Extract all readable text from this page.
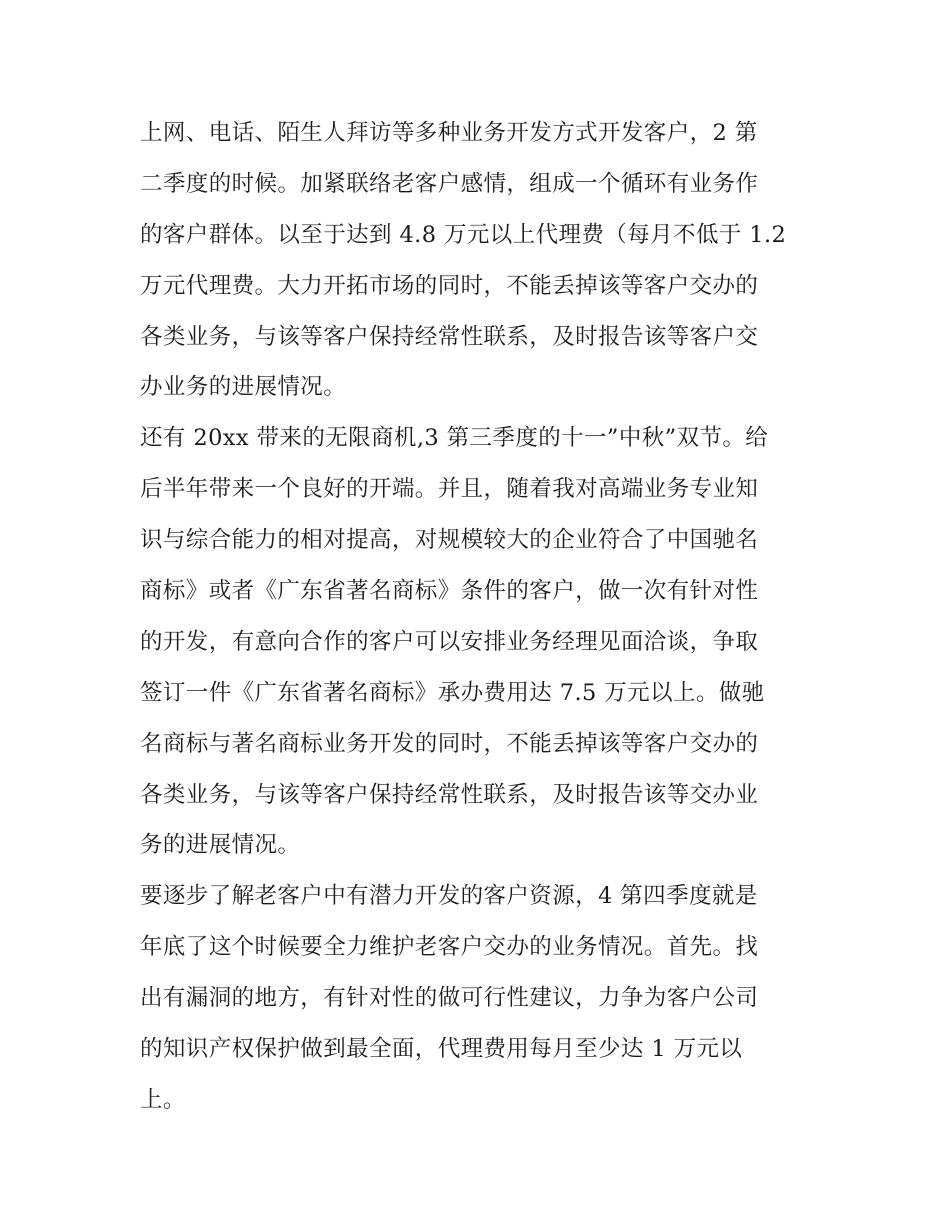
上网、电话、陌生人拜访等多种业务开发方式开发客户，2 第
二季度的时候。加紧联络老客户感情，组成一个循环有业务作
的客户群体。以至于达到 4.8 万元以上代理费（每月不低于 1.2
万元代理费。大力开拓市场的同时，不能丢掉该等客户交办的
各类业务，与该等客户保持经常性联系，及时报告该等客户交
办业务的进展情况。
还有 20xx 带来的无限商机,3 第三季度的十一”中秋”双节。给
后半年带来一个良好的开端。并且，随着我对高端业务专业知
识与综合能力的相对提高，对规模较大的企业符合了中国驰名
商标》或者《广东省著名商标》条件的客户，做一次有针对性
的开发，有意向合作的客户可以安排业务经理见面洽谈，争取
签订一件《广东省著名商标》承办费用达 7.5 万元以上。做驰
名商标与著名商标业务开发的同时，不能丢掉该等客户交办的
各类业务，与该等客户保持经常性联系，及时报告该等交办业
务的进展情况。
要逐步了解老客户中有潜力开发的客户资源，4 第四季度就是
年底了这个时候要全力维护老客户交办的业务情况。首先。找
出有漏洞的地方，有针对性的做可行性建议，力争为客户公司
的知识产权保护做到最全面，代理费用每月至少达 1 万元以
上。
